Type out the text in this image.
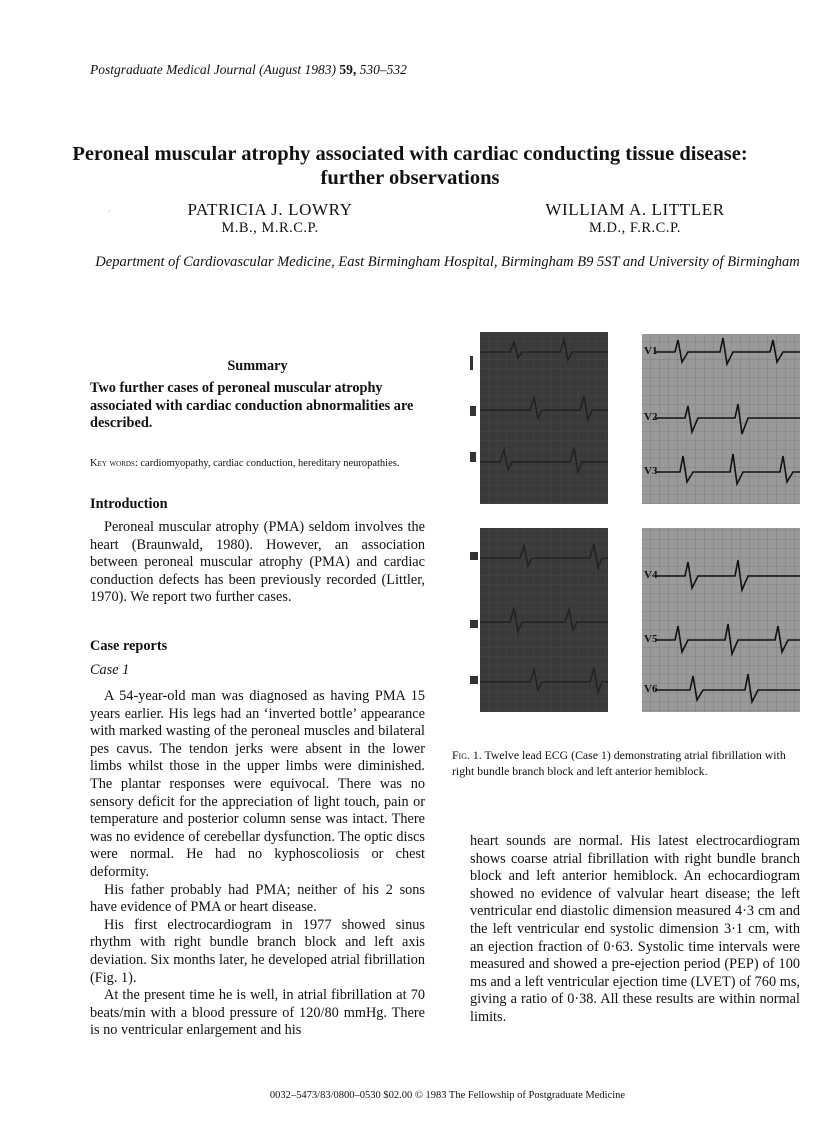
Postgraduate Medical Journal (August 1983) 59, 530–532
Peroneal muscular atrophy associated with cardiac conducting tissue disease:
further observations
·	PATRICIA J. LOWRY
M.B., M.R.C.P.
WILLIAM A. LITTLER
M.D., F.R.C.P.
Department of Cardiovascular Medicine, East Birmingham Hospital, Birmingham B9 5ST and University of Birmingham
Summary
Two further cases of peroneal muscular atrophy associated with cardiac conduction abnormalities are described.
Key words: cardiomyopathy, cardiac conduction, hereditary neuropathies.
Introduction

Peroneal muscular atrophy (PMA) seldom involves the heart (Braunwald, 1980). However, an association between peroneal muscular atrophy (PMA) and cardiac conduction defects has been previously recorded (Littler, 1970). We report two further cases.

Case reports
Case 1

A 54-year-old man was diagnosed as having PMA 15 years earlier. His legs had an ‘inverted bottle’ appearance with marked wasting of the peroneal muscles and bilateral pes cavus. The tendon jerks were absent in the lower limbs whilst those in the upper limbs were diminished. The plantar responses were equivocal. There was no sensory deficit for the appreciation of light touch, pain or temperature and posterior column sense was intact. There was no evidence of cerebellar dysfunction. The optic discs were normal. He had no kyphoscoliosis or chest deformity.

His father probably had PMA; neither of his 2 sons have evidence of PMA or heart disease.

His first electrocardiogram in 1977 showed sinus rhythm with right bundle branch block and left axis deviation. Six months later, he developed atrial fibrillation (Fig. 1).

At the present time he is well, in atrial fibrillation at 70 beats/min with a blood pressure of 120/80 mmHg. There is no ventricular enlargement and his

V1
V2
V3
V4
V5
V6
Fig. 1. Twelve lead ECG (Case 1) demonstrating atrial fibrillation with right bundle branch block and left anterior hemiblock.
heart sounds are normal. His latest electrocardiogram shows coarse atrial fibrillation with right bundle branch block and left anterior hemiblock. An echocardiogram showed no evidence of valvular heart disease; the left ventricular end diastolic dimension measured 4·3 cm and the left ventricular end systolic dimension 3·1 cm, with an ejection fraction of 0·63. Systolic time intervals were measured and showed a pre-ejection period (PEP) of 100 ms and a left ventricular ejection time (LVET) of 760 ms, giving a ratio of 0·38. All these results are within normal limits.
0032–5473/83/0800–0530 $02.00 © 1983 The Fellowship of Postgraduate Medicine
